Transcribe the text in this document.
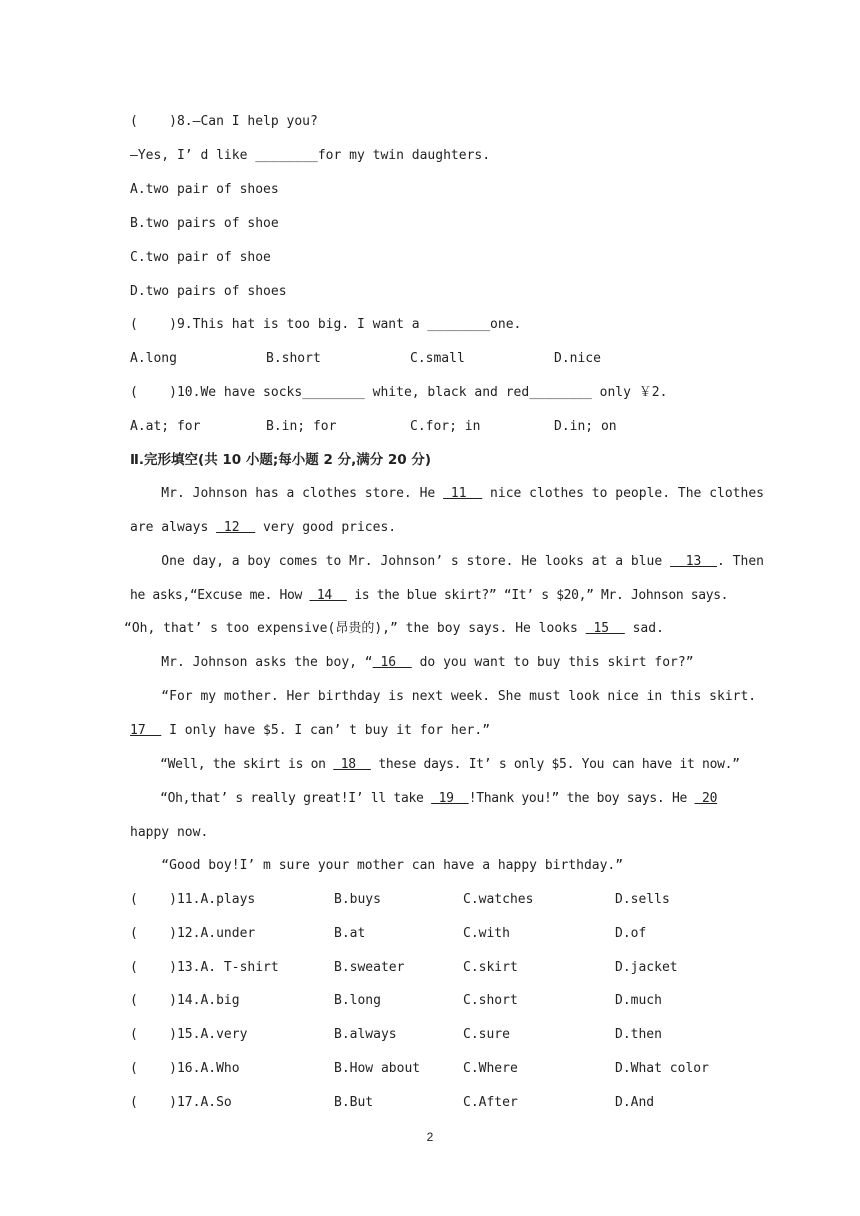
(    )8.—Can I help you?
—Yes, I’ d like ________for my twin daughters.
A.two pair of shoes
B.two pairs of shoe
C.two pair of shoe
D.two pairs of shoes
(    )9.This hat is too big. I want a ________one.
A.long	B.short	C.small	D.nice
(    )10.We have socks________ white, black and red________ only ￥2.
A.at; for	B.in; for	C.for; in	D.in; on
Ⅱ.完形填空(共 10 小题;每小题 2 分,满分 20 分)
Mr. Johnson has a clothes store. He  11   nice clothes to people. The clothes
are always  12   very good prices.
One day, a boy comes to Mr. Johnson’ s store. He looks at a blue   13  . Then
he asks,“Excuse me. How  14   is the blue skirt?” “It’ s $20,” Mr. Johnson says.
“Oh, that’ s too expensive(昂贵的),” the boy says. He looks  15   sad.
Mr. Johnson asks the boy, “ 16   do you want to buy this skirt for?”
“For my mother. Her birthday is next week. She must look nice in this skirt.
17   I only have $5. I can’ t buy it for her.”
“Well, the skirt is on  18   these days. It’ s only $5. You can have it now.”
“Oh,that’ s really great!I’ ll take  19  !Thank you!” the boy says. He  20
happy now.
“Good boy!I’ m sure your mother can have a happy birthday.”
(    )11.A.plays	B.buys	C.watches	D.sells
(    )12.A.under	B.at	C.with	D.of
(    )13.A. T-shirt	B.sweater	C.skirt	D.jacket
(    )14.A.big	B.long	C.short	D.much
(    )15.A.very	B.always	C.sure	D.then
(    )16.A.Who	B.How about	C.Where	D.What color
(    )17.A.So	B.But	C.After	D.And
2
